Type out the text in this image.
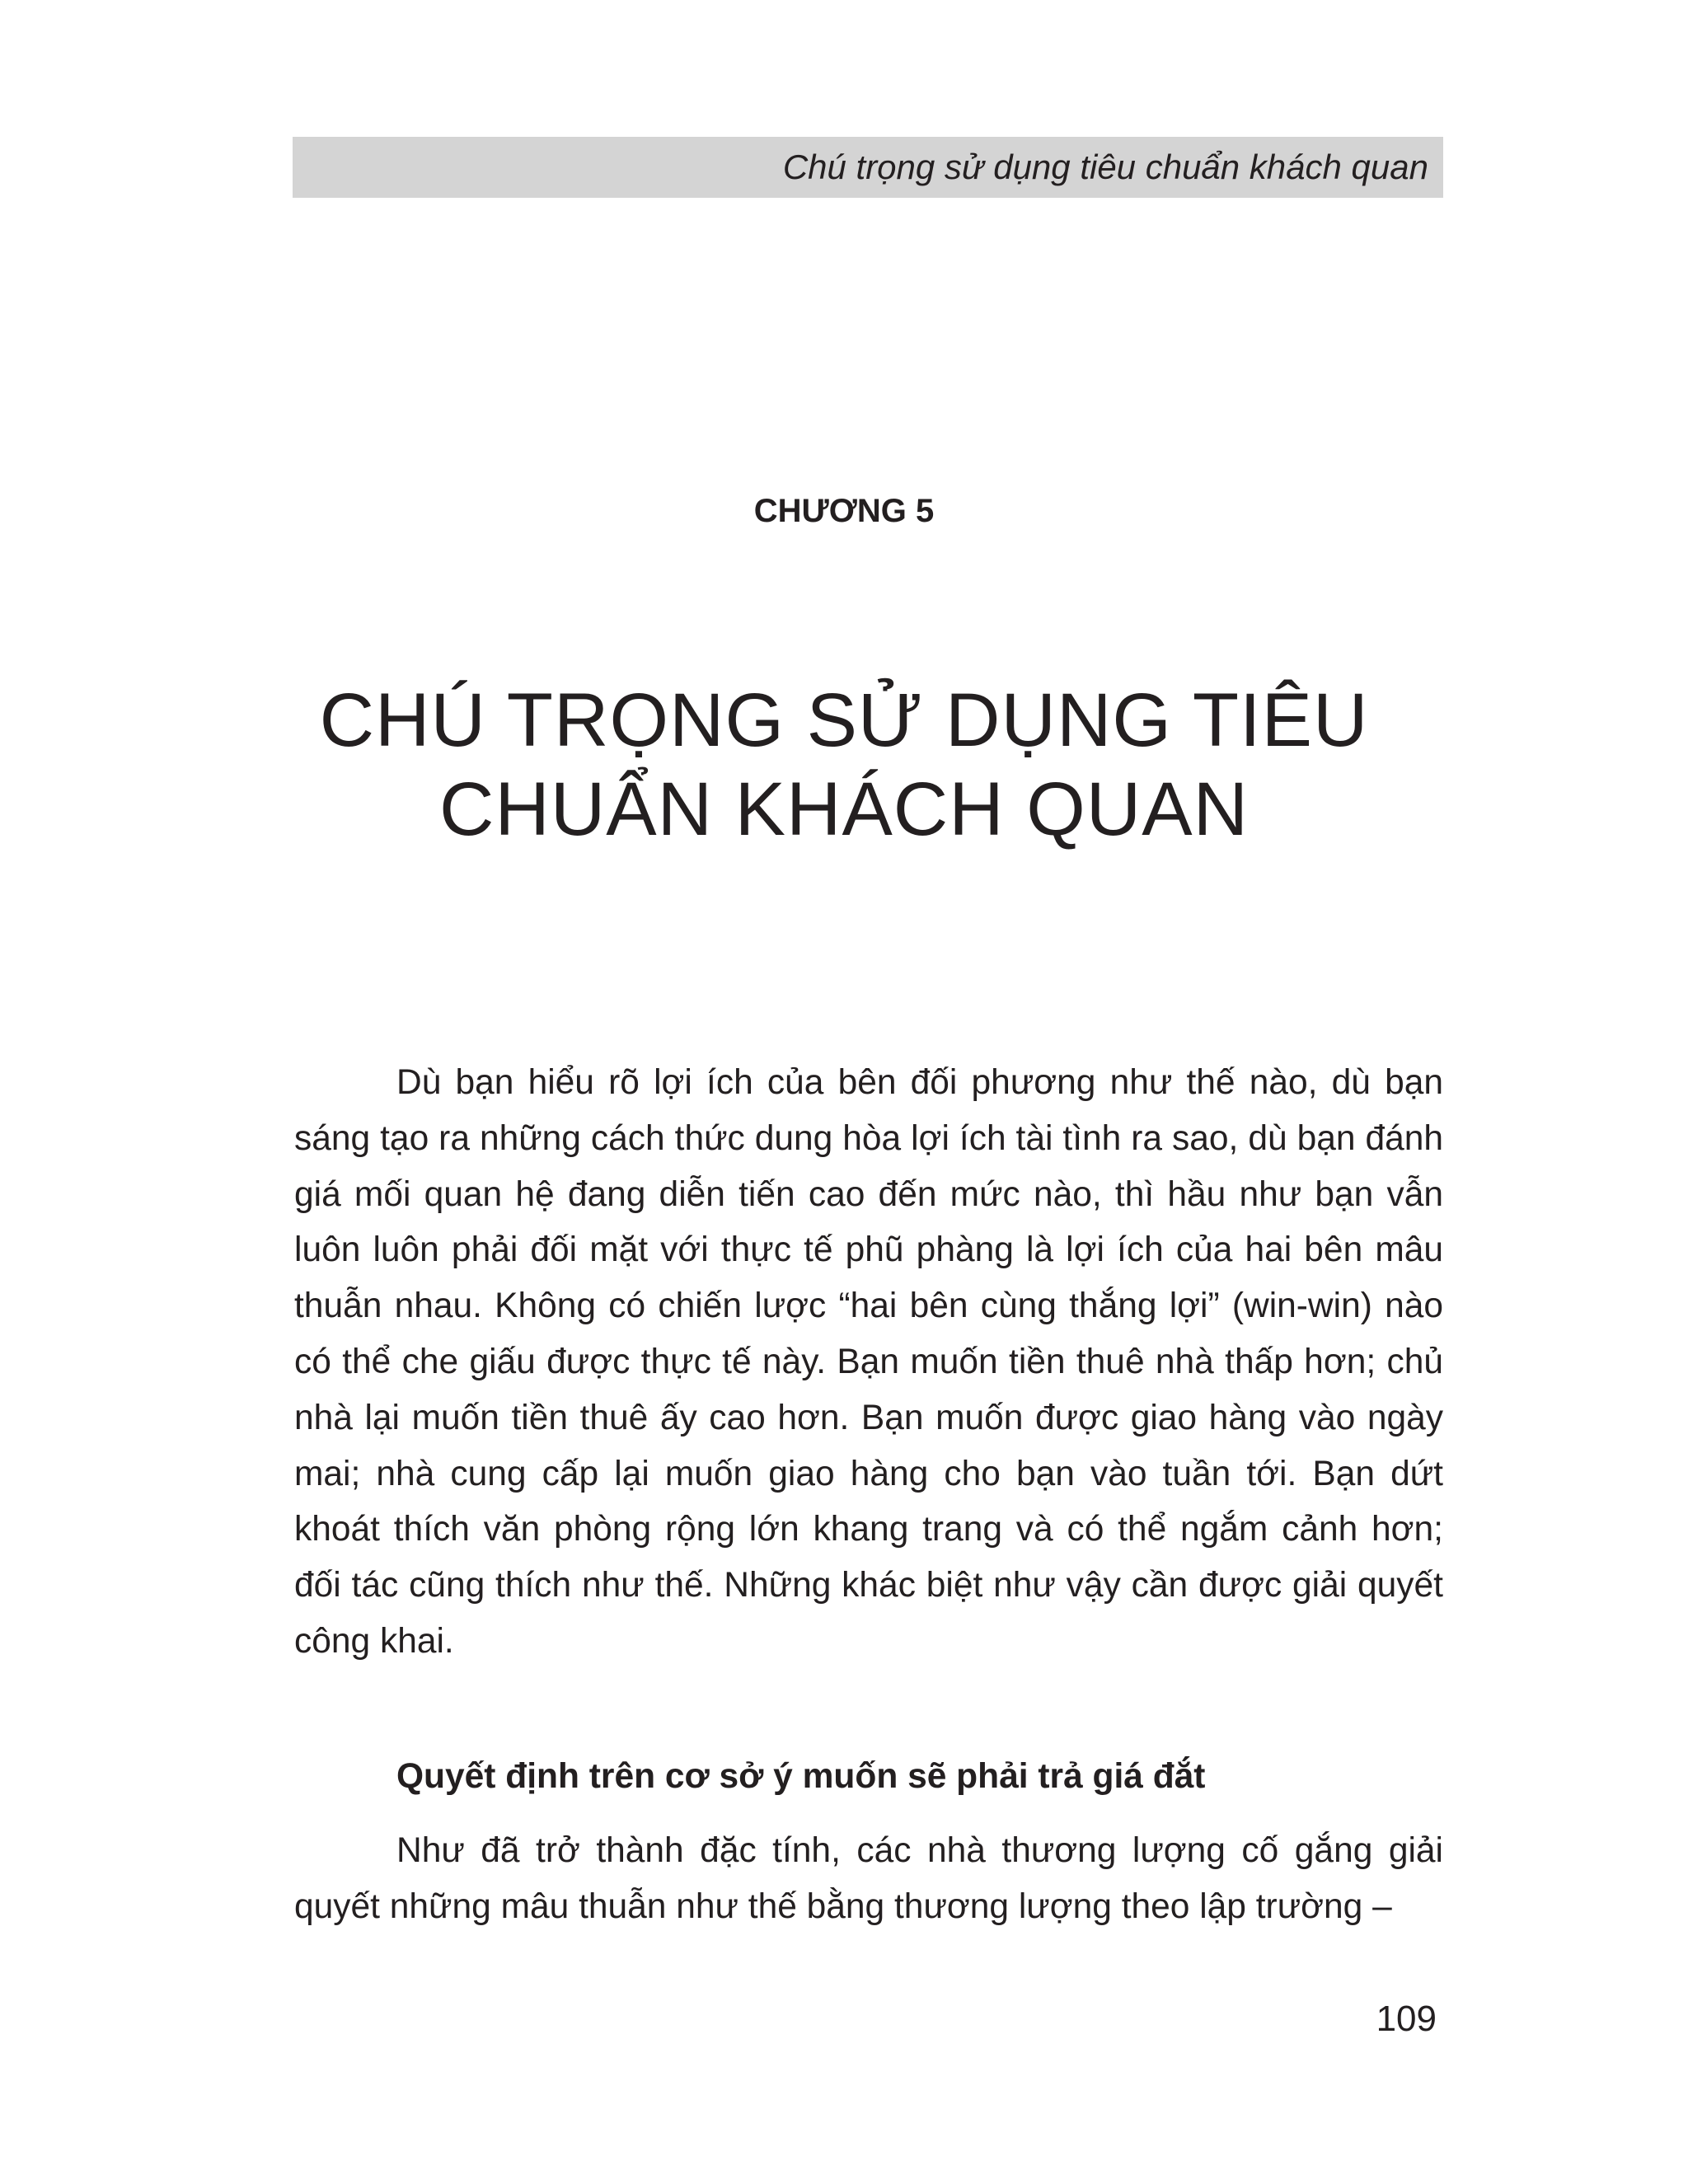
Chú trọng sử dụng tiêu chuẩn khách quan
CHƯƠNG 5
CHÚ TRỌNG SỬ DỤNG TIÊU
CHUẨN KHÁCH QUAN

Dù bạn hiểu rõ lợi ích của bên đối phương như thế nào, dù bạn sáng tạo ra những cách thức dung hòa lợi ích tài tình ra sao, dù bạn đánh giá mối quan hệ đang diễn tiến cao đến mức nào, thì hầu như bạn vẫn luôn luôn phải đối mặt với thực tế phũ phàng là lợi ích của hai bên mâu thuẫn nhau. Không có chiến lược “hai bên cùng thắng lợi” (win-win) nào có thể che giấu được thực tế này. Bạn muốn tiền thuê nhà thấp hơn; chủ nhà lại muốn tiền thuê ấy cao hơn. Bạn muốn được giao hàng vào ngày mai; nhà cung cấp lại muốn giao hàng cho bạn vào tuần tới. Bạn dứt khoát thích văn phòng rộng lớn khang trang và có thể ngắm cảnh hơn; đối tác cũng thích như thế. Những khác biệt như vậy cần được giải quyết công khai.

Quyết định trên cơ sở ý muốn sẽ phải trả giá đắt

Như đã trở thành đặc tính, các nhà thương lượng cố gắng giải quyết những mâu thuẫn như thế bằng thương lượng theo lập trường –

109
